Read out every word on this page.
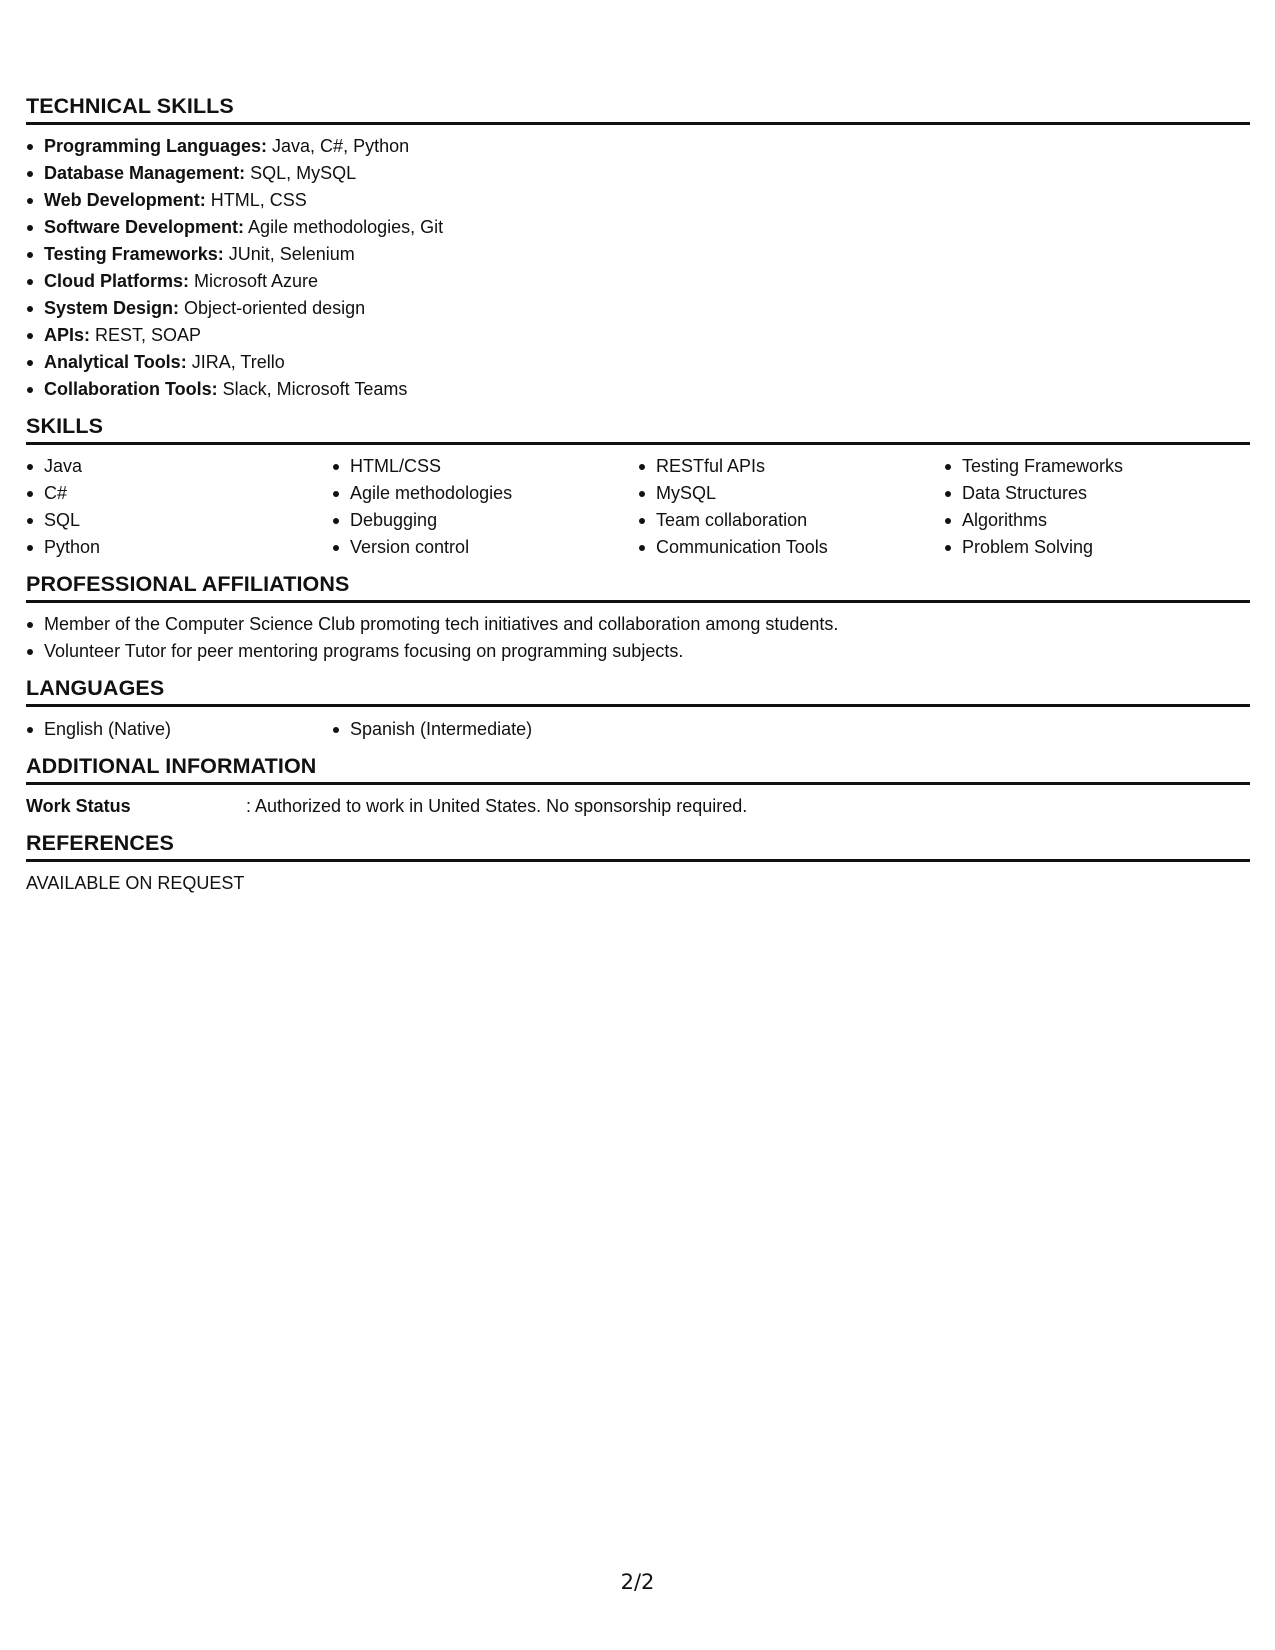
TECHNICAL SKILLS
Programming Languages: Java, C#, Python
Database Management: SQL, MySQL
Web Development: HTML, CSS
Software Development: Agile methodologies, Git
Testing Frameworks: JUnit, Selenium
Cloud Platforms: Microsoft Azure
System Design: Object-oriented design
APIs: REST, SOAP
Analytical Tools: JIRA, Trello
Collaboration Tools: Slack, Microsoft Teams
SKILLS
Java
C#
SQL
Python
HTML/CSS
Agile methodologies
Debugging
Version control
RESTful APIs
MySQL
Team collaboration
Communication Tools
Testing Frameworks
Data Structures
Algorithms
Problem Solving
PROFESSIONAL AFFILIATIONS
Member of the Computer Science Club promoting tech initiatives and collaboration among students.
Volunteer Tutor for peer mentoring programs focusing on programming subjects.
LANGUAGES
English (Native)	Spanish (Intermediate)
ADDITIONAL INFORMATION
Work Status	: Authorized to work in United States. No sponsorship required.
REFERENCES
AVAILABLE ON REQUEST
2/2
